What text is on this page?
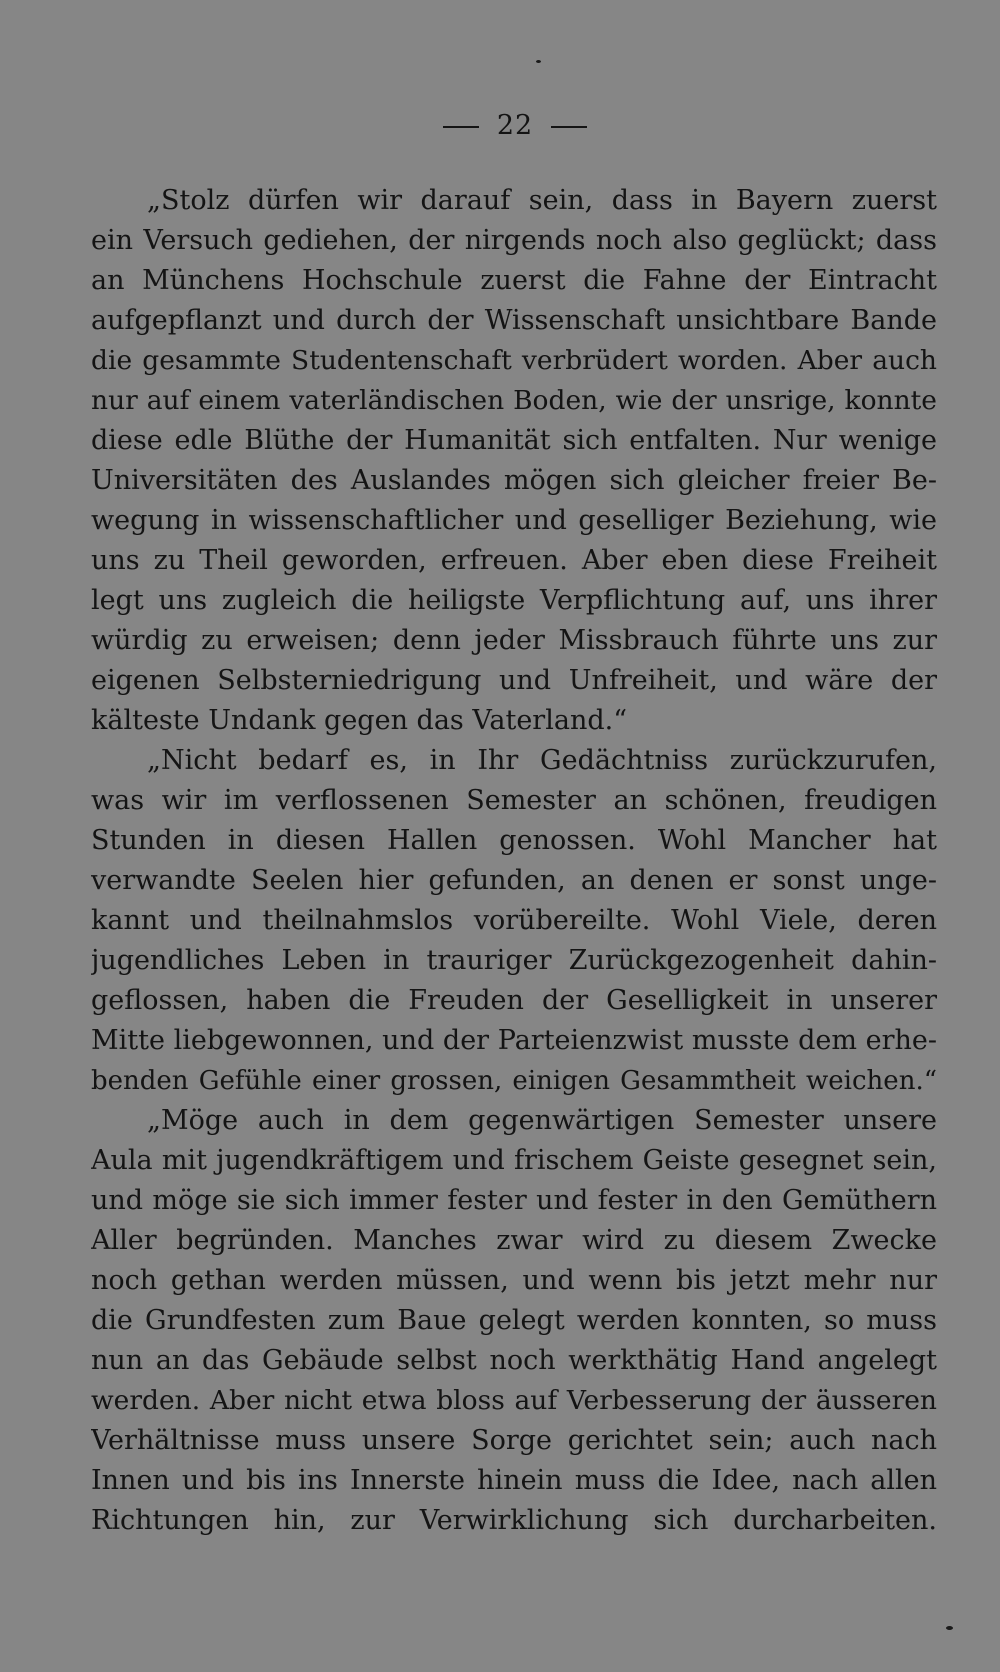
22
„Stolz dürfen wir darauf sein, dass in Bayern zuerst
ein Versuch gediehen, der nirgends noch also geglückt; dass
an Münchens Hochschule zuerst die Fahne der Eintracht
aufgepflanzt und durch der Wissenschaft unsichtbare Bande
die gesammte Studentenschaft verbrüdert worden. Aber auch
nur auf einem vaterländischen Boden, wie der unsrige, konnte
diese edle Blüthe der Humanität sich entfalten. Nur wenige
Universitäten des Auslandes mögen sich gleicher freier Be-
wegung in wissenschaftlicher und geselliger Beziehung, wie
uns zu Theil geworden, erfreuen. Aber eben diese Freiheit
legt uns zugleich die heiligste Verpflichtung auf, uns ihrer
würdig zu erweisen; denn jeder Missbrauch führte uns zur
eigenen Selbsterniedrigung und Unfreiheit, und wäre der
kälteste Undank gegen das Vaterland.“
„Nicht bedarf es, in Ihr Gedächtniss zurückzurufen,
was wir im verflossenen Semester an schönen, freudigen
Stunden in diesen Hallen genossen. Wohl Mancher hat
verwandte Seelen hier gefunden, an denen er sonst unge-
kannt und theilnahmslos vorübereilte. Wohl Viele, deren
jugendliches Leben in trauriger Zurückgezogenheit dahin-
geflossen, haben die Freuden der Geselligkeit in unserer
Mitte liebgewonnen, und der Parteienzwist musste dem erhe-
benden Gefühle einer grossen, einigen Gesammtheit weichen.“
„Möge auch in dem gegenwärtigen Semester unsere
Aula mit jugendkräftigem und frischem Geiste gesegnet sein,
und möge sie sich immer fester und fester in den Gemüthern
Aller begründen. Manches zwar wird zu diesem Zwecke
noch gethan werden müssen, und wenn bis jetzt mehr nur
die Grundfesten zum Baue gelegt werden konnten, so muss
nun an das Gebäude selbst noch werkthätig Hand angelegt
werden. Aber nicht etwa bloss auf Verbesserung der äusseren
Verhältnisse muss unsere Sorge gerichtet sein; auch nach
Innen und bis ins Innerste hinein muss die Idee, nach allen
Richtungen hin, zur Verwirklichung sich durcharbeiten.
